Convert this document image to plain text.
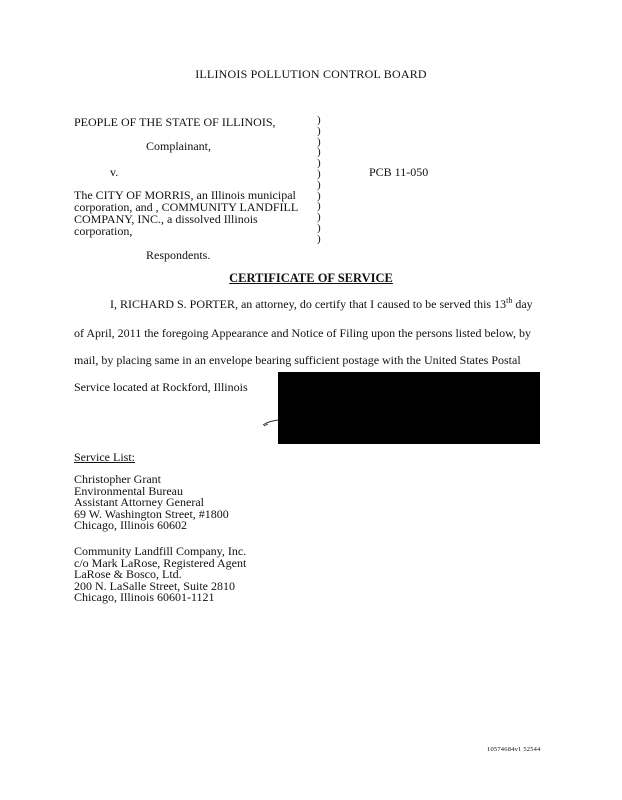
ILLINOIS POLLUTION CONTROL BOARD
PEOPLE OF THE STATE OF ILLINOIS,
Complainant,
v.	PCB 11-050
The CITY OF MORRIS, an Illinois municipal
corporation, and , COMMUNITY LANDFILL
COMPANY, INC., a dissolved Illinois
corporation,
Respondents.
)
)
)
)
)
)
)
)
)
)
)
)
CERTIFICATE OF SERVICE
I, RICHARD S. PORTER, an attorney, do certify that I caused to be served this 13th day
of April, 2011 the foregoing Appearance and Notice of Filing upon the persons listed below, by
mail, by placing same in an envelope bearing sufficient postage with the United States Postal
Service located at Rockford, Illinois
Service List:
Christopher Grant
Environmental Bureau
Assistant Attorney General
69 W. Washington Street, #1800
Chicago, Illinois 60602
Community Landfill Company, Inc.
c/o Mark LaRose, Registered Agent
LaRose & Bosco, Ltd.
200 N. LaSalle Street, Suite 2810
Chicago, Illinois 60601-1121
10574684v1 52544
